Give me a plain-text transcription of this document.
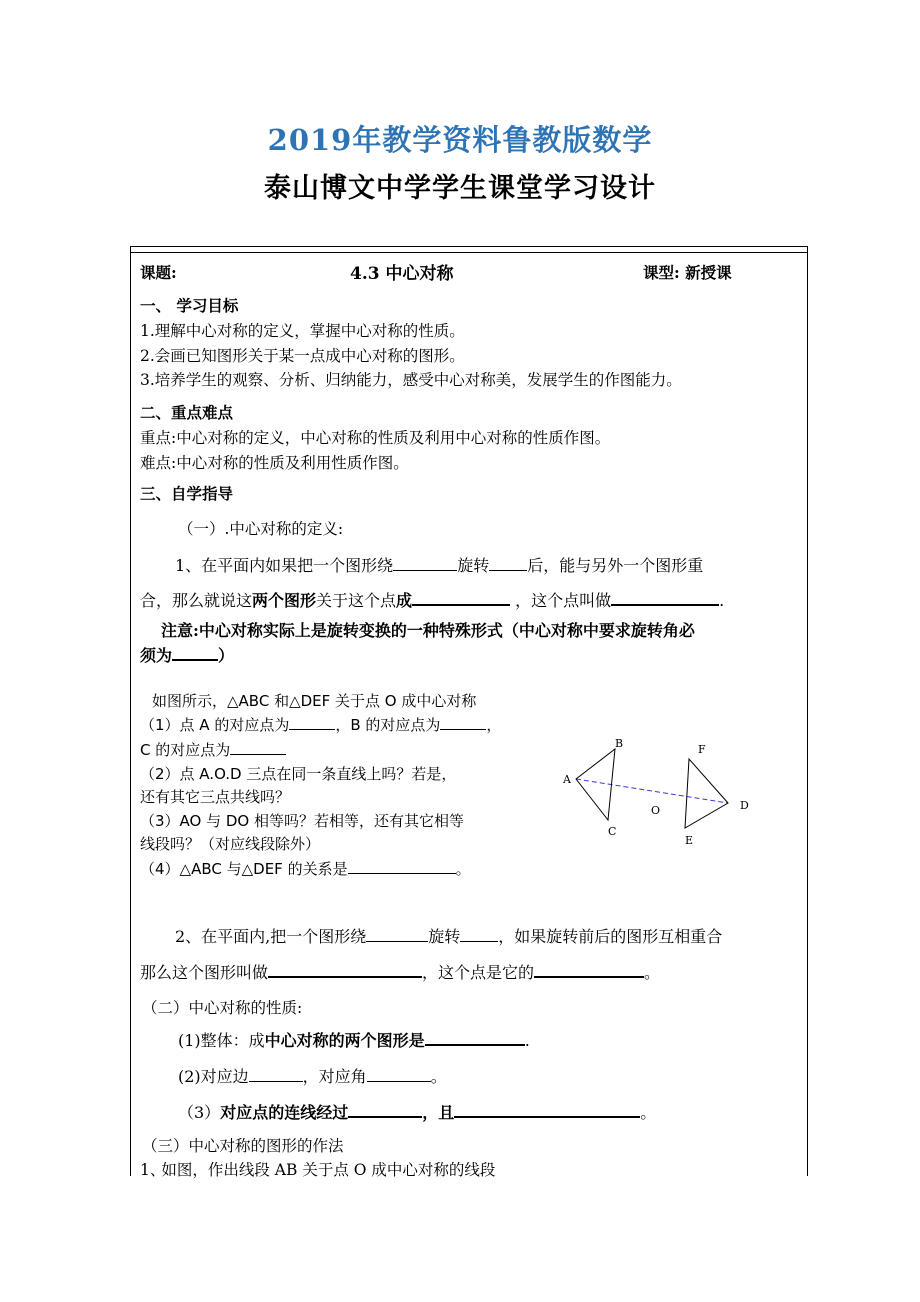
2019年教学资料鲁教版数学
泰山博文中学学生课堂学习设计
课题:	4.3 中心对称	课型: 新授课
一、 学习目标
1.理解中心对称的定义，掌握中心对称的性质。
2.会画已知图形关于某一点成中心对称的图形。
3.培养学生的观察、分析、归纳能力，感受中心对称美，发展学生的作图能力。
二、重点难点
重点:中心对称的定义，中心对称的性质及利用中心对称的性质作图。
难点:中心对称的性质及利用性质作图。
三、自学指导
（一）.中心对称的定义:
1、在平面内如果把一个图形绕	旋转 后，能与另外一个图形重
合，那么就说这两个图形关于这个点成	，这个点叫做	.
注意:中心对称实际上是旋转变换的一种特殊形式（中心对称中要求旋转角必
须为	）
如图所示，△ABC 和△DEF 关于点 O 成中心对称
（1）点 A 的对应点为	，B 的对应点为	，
C 的对应点为
（2）点 A.O.D 三点在同一条直线上吗？若是，
还有其它三点共线吗？
（3）AO 与 DO 相等吗？若相等，还有其它相等
线段吗？（对应线段除外）
（4）△ABC 与△DEF 的关系是	。
A
B
C
O	D
E
F
2、在平面内,把一个图形绕	旋转 ，如果旋转前后的图形互相重合
那么这个图形叫做	，这个点是它的	。
（二）中心对称的性质:
(1)整体：成中心对称的两个图形是	.
(2)对应边	，对应角	。
（3）对应点的连线经过	，且	。
（三）中心对称的图形的作法
1、如图，作出线段 AB 关于点 O 成中心对称的线段
